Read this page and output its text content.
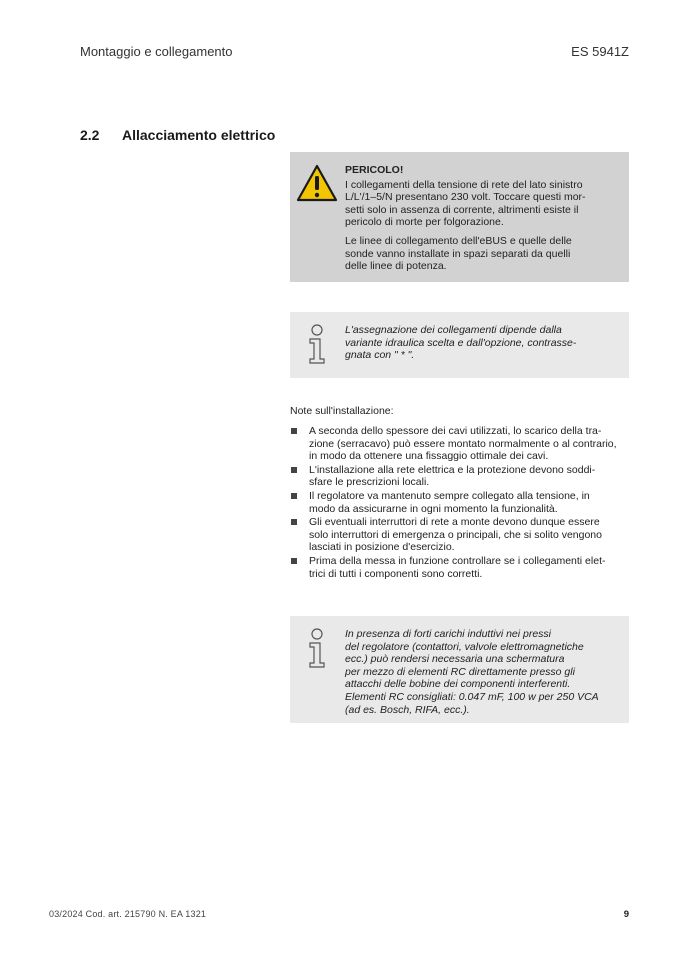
Montaggio e collegamento	ES 5941Z
2.2 Allacciamento elettrico
PERICOLO!

I collegamenti della tensione di rete del lato sinistro
L/L'/1–5/N presentano 230 volt. Toccare questi mor-
setti solo in assenza di corrente, altrimenti esiste il
pericolo di morte per folgorazione.

Le linee di collegamento dell'eBUS e quelle delle
sonde vanno installate in spazi separati da quelli
delle linee di potenza.

L'assegnazione dei collegamenti dipende dalla
variante idraulica scelta e dall'opzione, contrasse-
gnata con " * ".
Note sull'installazione:
A seconda dello spessore dei cavi utilizzati, lo scarico della tra-
zione (serracavo) può essere montato normalmente o al contrario,
in modo da ottenere una fissaggio ottimale dei cavi.
L'installazione alla rete elettrica e la protezione devono soddi-
sfare le prescrizioni locali.
Il regolatore va mantenuto sempre collegato alla tensione, in
modo da assicurarne in ogni momento la funzionalità.
Gli eventuali interruttori di rete a monte devono dunque essere
solo interruttori di emergenza o principali, che si solito vengono
lasciati in posizione d'esercizio.
Prima della messa in funzione controllare se i collegamenti elet-
trici di tutti i componenti sono corretti.
In presenza di forti carichi induttivi nei pressi
del regolatore (contattori, valvole elettromagnetiche
ecc.) può rendersi necessaria una schermatura
per mezzo di elementi RC direttamente presso gli
attacchi delle bobine dei componenti interferenti.
Elementi RC consigliati: 0.047 mF, 100 w per 250 VCA
(ad es. Bosch, RIFA, ecc.).
03/2024 Cod. art. 215790 N. EA 1321	9
